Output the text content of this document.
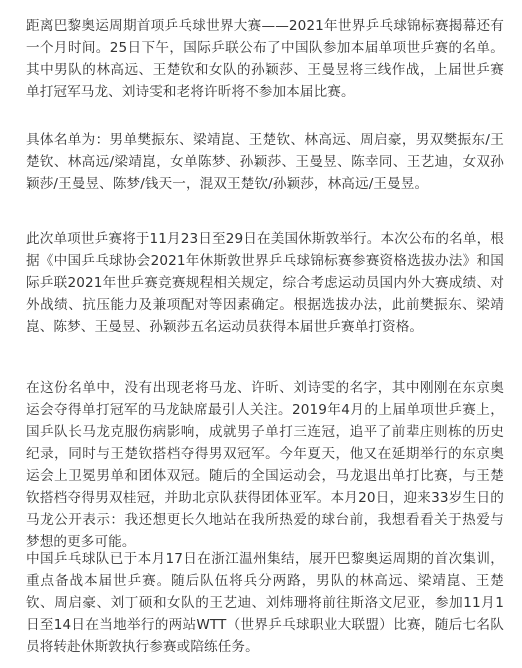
距离巴黎奥运周期首项乒乓球世界大赛——2021年世界乒乓球锦标赛揭幕还有一个月时间。25日下午，国际乒联公布了中国队参加本届单项世乒赛的名单。其中男队的林高远、王楚钦和女队的孙颖莎、王曼昱将三线作战，上届世乒赛单打冠军马龙、刘诗雯和老将许昕将不参加本届比赛。

具体名单为：男单樊振东、梁靖崑、王楚钦、林高远、周启豪，男双樊振东/王楚钦、林高远/梁靖崑，女单陈梦、孙颖莎、王曼昱、陈幸同、王艺迪，女双孙颖莎/王曼昱、陈梦/钱天一，混双王楚钦/孙颖莎，林高远/王曼昱。

此次单项世乒赛将于11月23日至29日在美国休斯敦举行。本次公布的名单，根据《中国乒乓球协会2021年休斯敦世界乒乓球锦标赛参赛资格选拔办法》和国际乒联2021年世乒赛竞赛规程相关规定，综合考虑运动员国内外大赛成绩、对外战绩、抗压能力及兼项配对等因素确定。根据选拔办法，此前樊振东、梁靖崑、陈梦、王曼昱、孙颖莎五名运动员获得本届世乒赛单打资格。

在这份名单中，没有出现老将马龙、许昕、刘诗雯的名字，其中刚刚在东京奥运会夺得单打冠军的马龙缺席最引人关注。2019年4月的上届单项世乒赛上，国乒队长马龙克服伤病影响，成就男子单打三连冠，追平了前辈庄则栋的历史纪录，同时与王楚钦搭档夺得男双冠军。今年夏天，他又在延期举行的东京奥运会上卫冕男单和团体双冠。随后的全国运动会，马龙退出单打比赛，与王楚钦搭档夺得男双桂冠，并助北京队获得团体亚军。本月20日，迎来33岁生日的马龙公开表示：我还想更长久地站在我所热爱的球台前，我想看看关于热爱与梦想的更多可能。

中国乒乓球队已于本月17日在浙江温州集结，展开巴黎奥运周期的首次集训，重点备战本届世乒赛。随后队伍将兵分两路，男队的林高远、梁靖崑、王楚钦、周启豪、刘丁硕和女队的王艺迪、刘炜珊将前往斯洛文尼亚，参加11月1日至14日在当地举行的两站WTT（世界乒乓球职业大联盟）比赛，随后七名队员将转赴休斯敦执行参赛或陪练任务。
